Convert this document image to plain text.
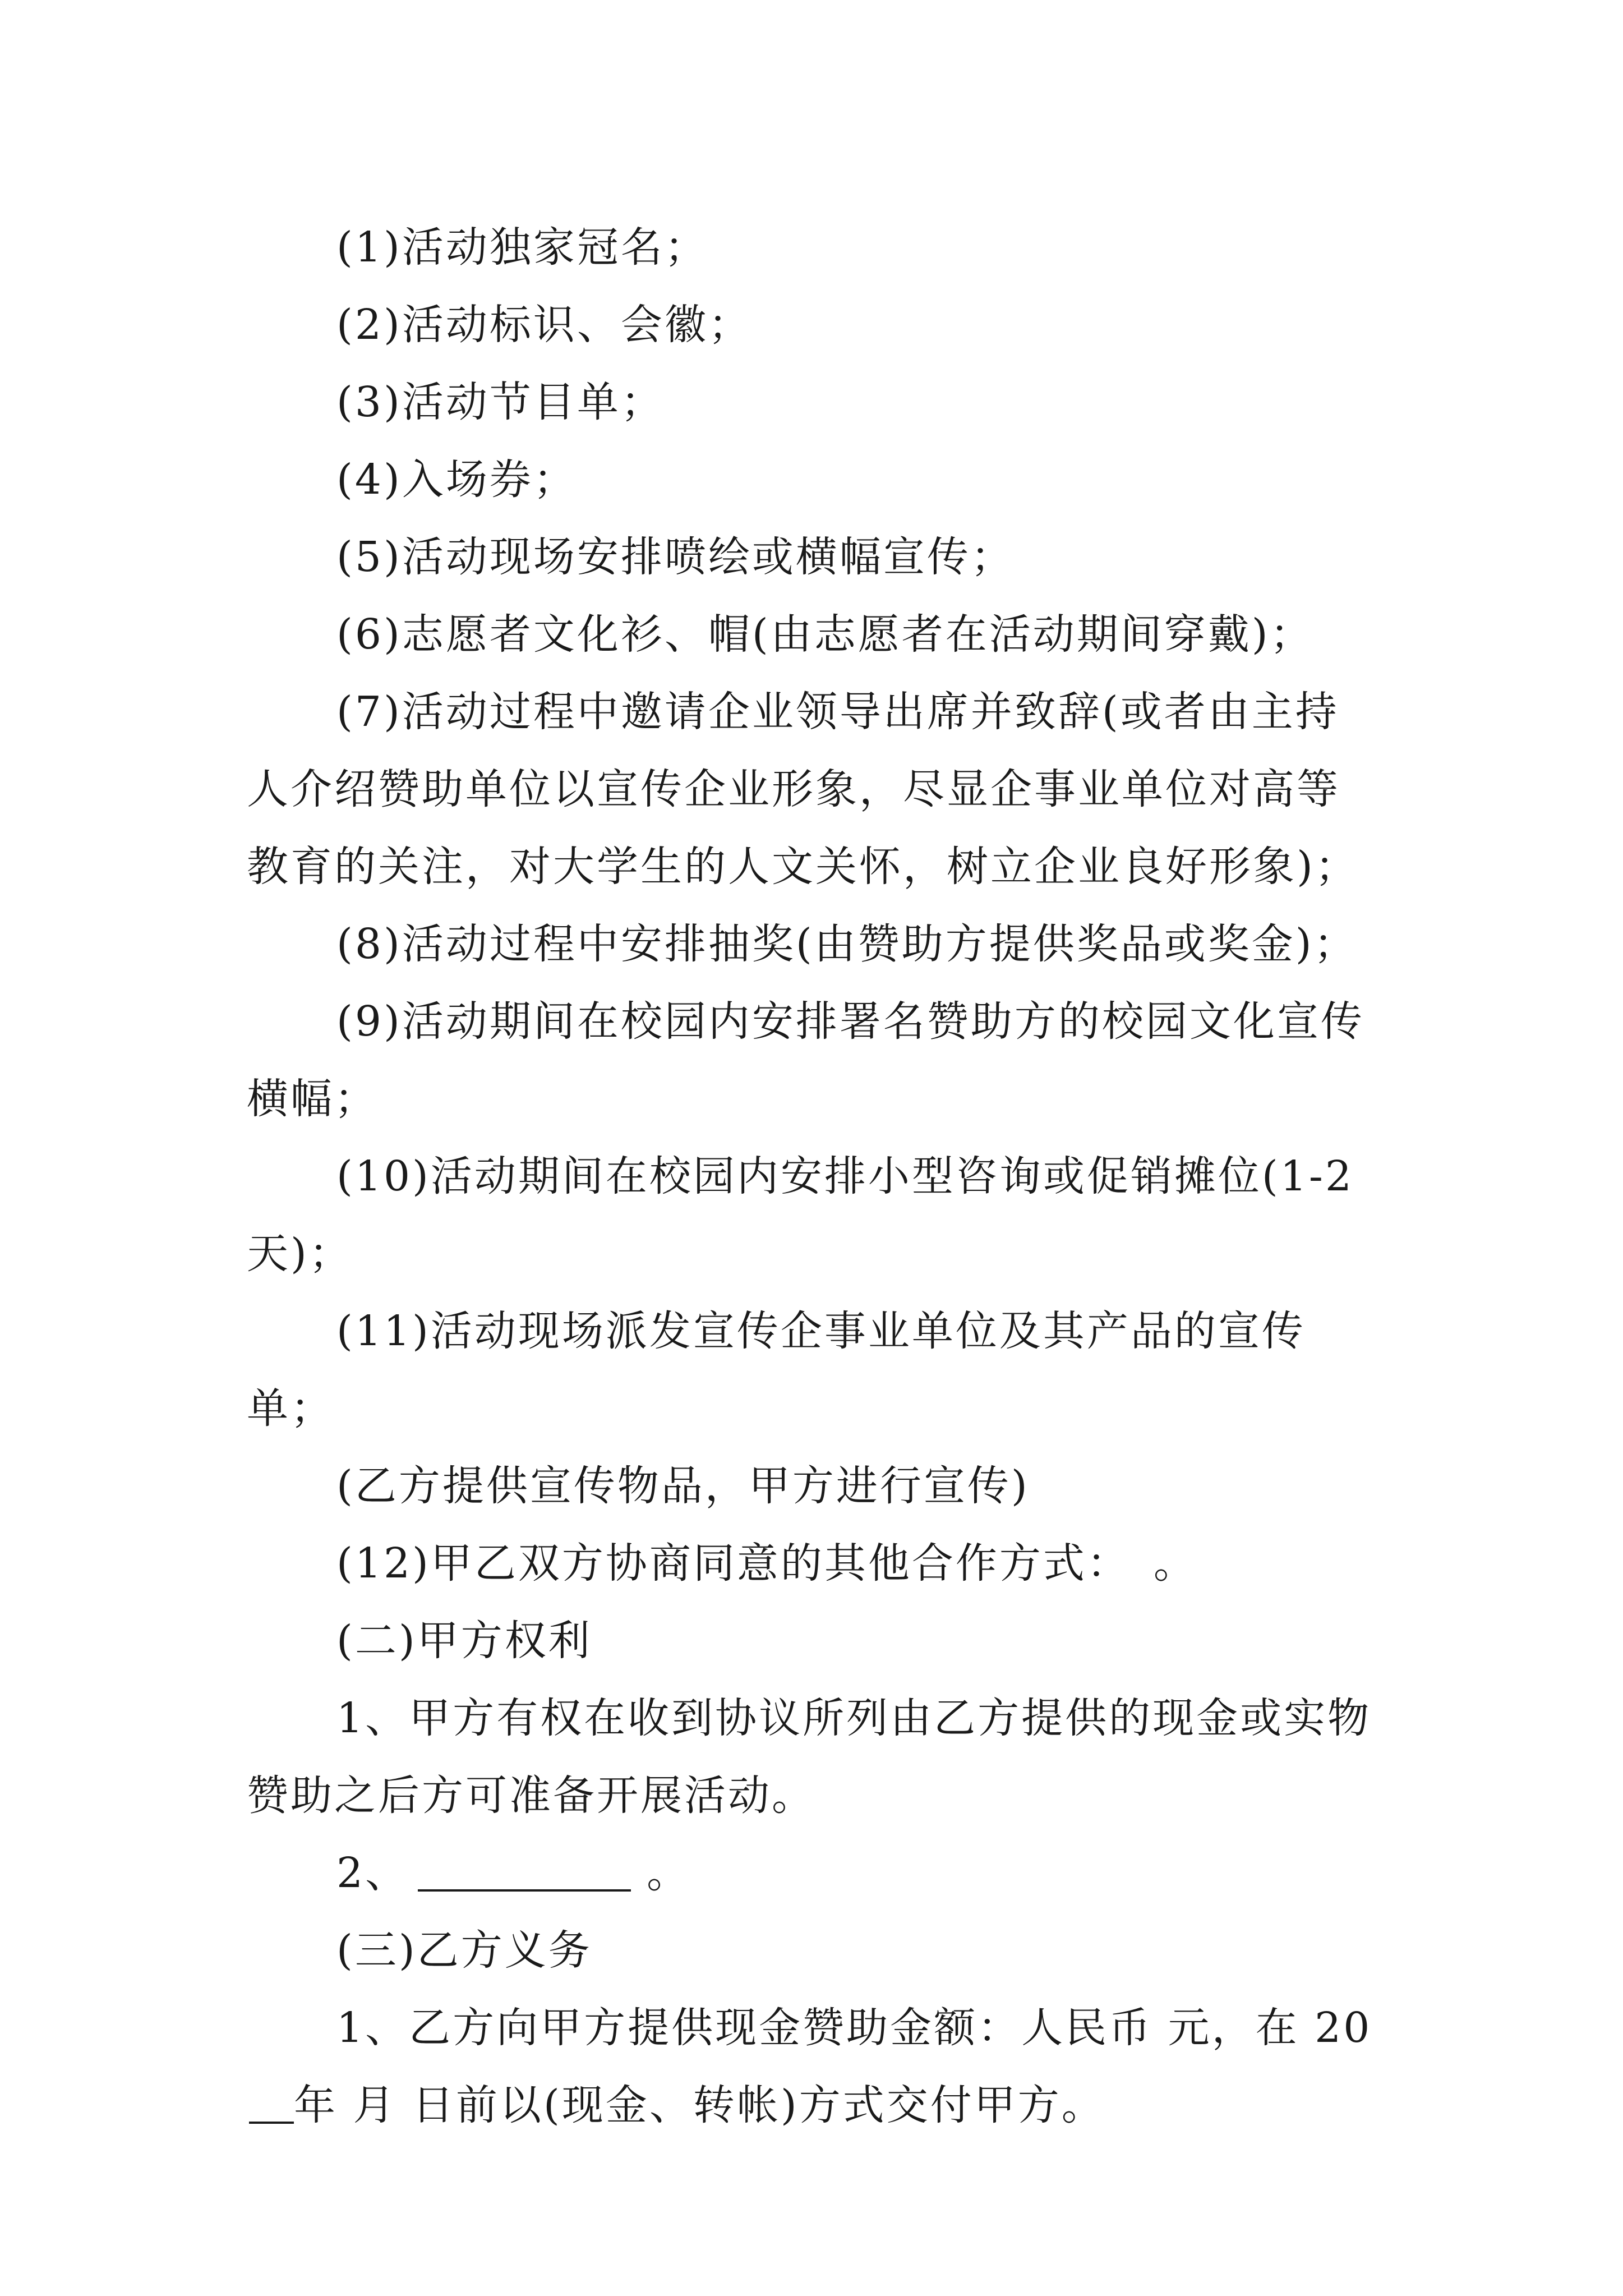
(1)活动独家冠名；

(2)活动标识、会徽；

(3)活动节目单；

(4)入场券；

(5)活动现场安排喷绘或横幅宣传；

(6)志愿者文化衫、帽(由志愿者在活动期间穿戴)；

(7)活动过程中邀请企业领导出席并致辞(或者由主持人介绍赞助单位以宣传企业形象，尽显企事业单位对高等教育的关注，对大学生的人文关怀，树立企业良好形象)；

(8)活动过程中安排抽奖(由赞助方提供奖品或奖金)；

(9)活动期间在校园内安排署名赞助方的校园文化宣传横幅；

(10)活动期间在校园内安排小型咨询或促销摊位(1-2天)；

(11)活动现场派发宣传企事业单位及其产品的宣传单；

(乙方提供宣传物品，甲方进行宣传)

(12)甲乙双方协商同意的其他合作方式：　。

(二)甲方权利

1、甲方有权在收到协议所列由乙方提供的现金或实物赞助之后方可准备开展活动。

2、	。

(三)乙方义务

1、乙方向甲方提供现金赞助金额：人民币 元，在 20年 月 日前以(现金、转帐)方式交付甲方。
